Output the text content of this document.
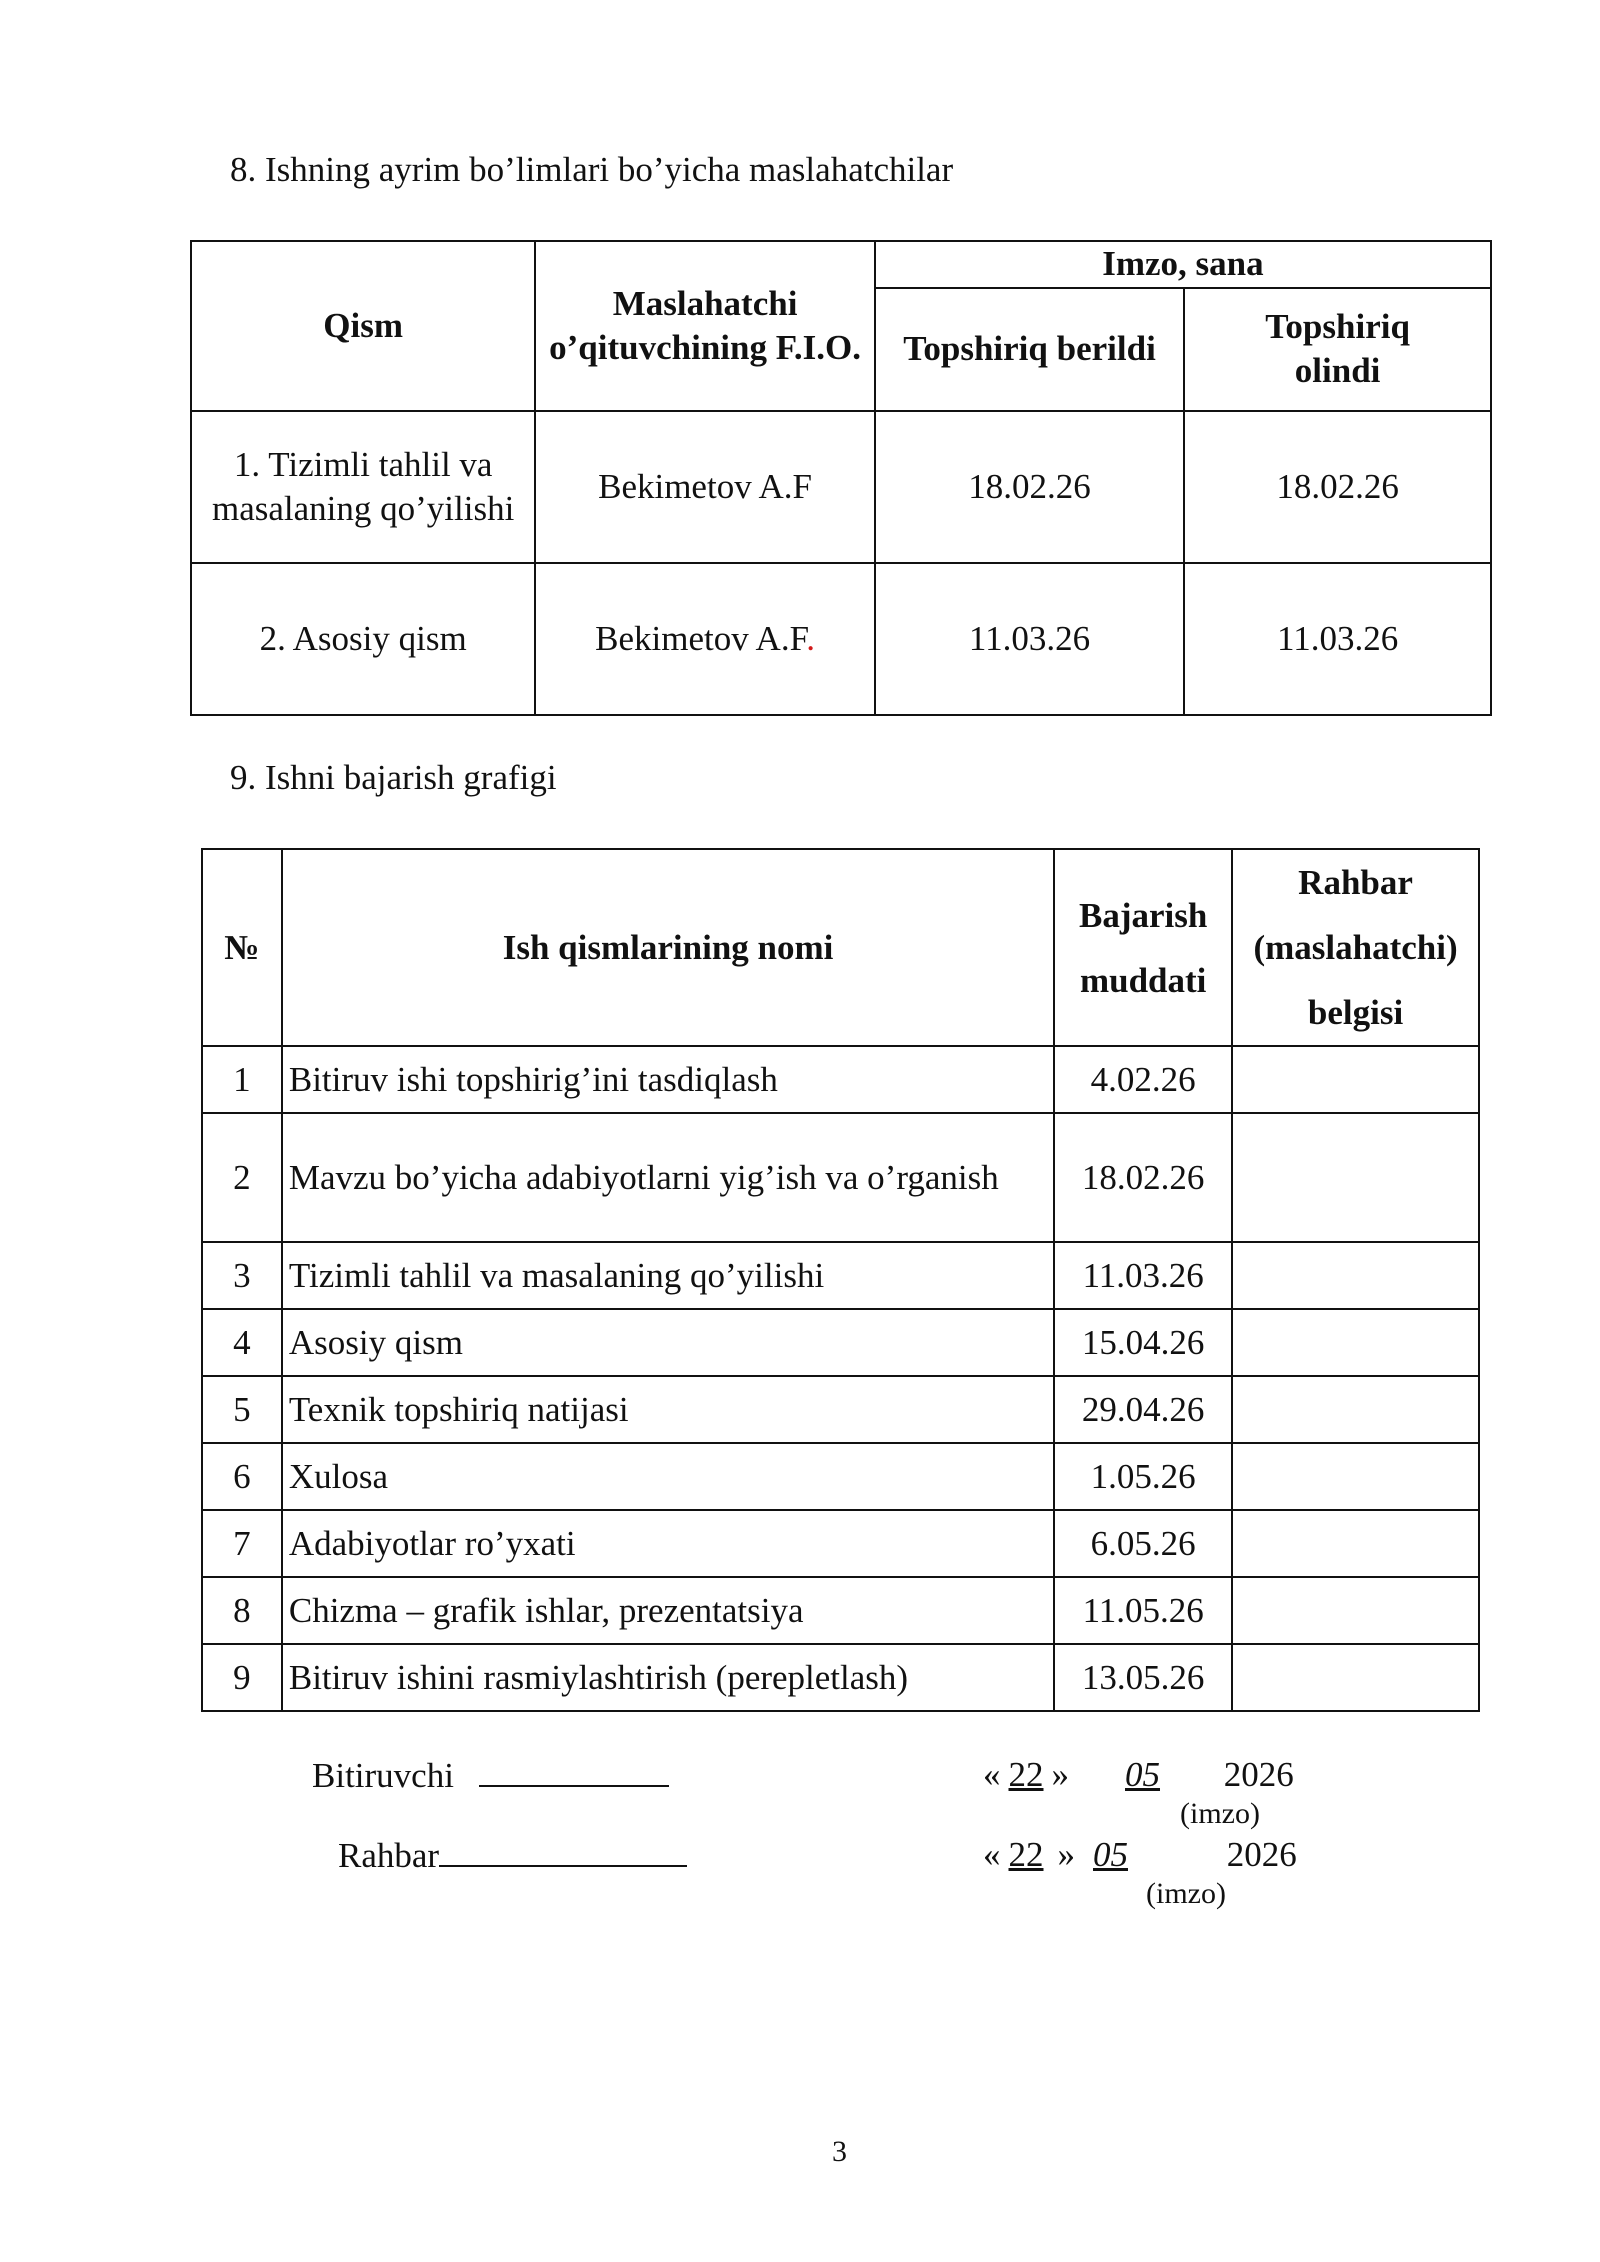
8. Ishning ayrim bo’limlari bo’yicha maslahatchilar
Qism	Maslahatchi o’qituvchining F.I.O.	Imzo, sana	
		Topshiriq berildi	Topshiriq olindi
1. Tizimli tahlil va masalaning qo’yilishi	Bekimetov A.F	18.02.26	18.02.26
2. Asosiy qism	Bekimetov A.F.	11.03.26	11.03.26
9. Ishni bajarish grafigi
№	Ish qismlarining nomi	Bajarish muddati	Rahbar (maslahatchi) belgisi
1	Bitiruv ishi topshirig’ini tasdiqlash	4.02.26	
2	Mavzu bo’yicha adabiyotlarni yig’ish va o’rganish	18.02.26	
3	Tizimli tahlil va masalaning qo’yilishi	11.03.26	
4	Asosiy qism	15.04.26	
5	Texnik topshiriq natijasi	29.04.26	
6	Xulosa	1.05.26	
7	Adabiyotlar ro’yxati	6.05.26	
8	Chizma – grafik ishlar, prezentatsiya	11.05.26	
9	Bitiruv ishini rasmiylashtirish (perepletlash)	13.05.26	
Bitiruvchi	« 22 » 05 2026
(imzo)
Rahbar	« 22 » 05	2026
(imzo)
3
